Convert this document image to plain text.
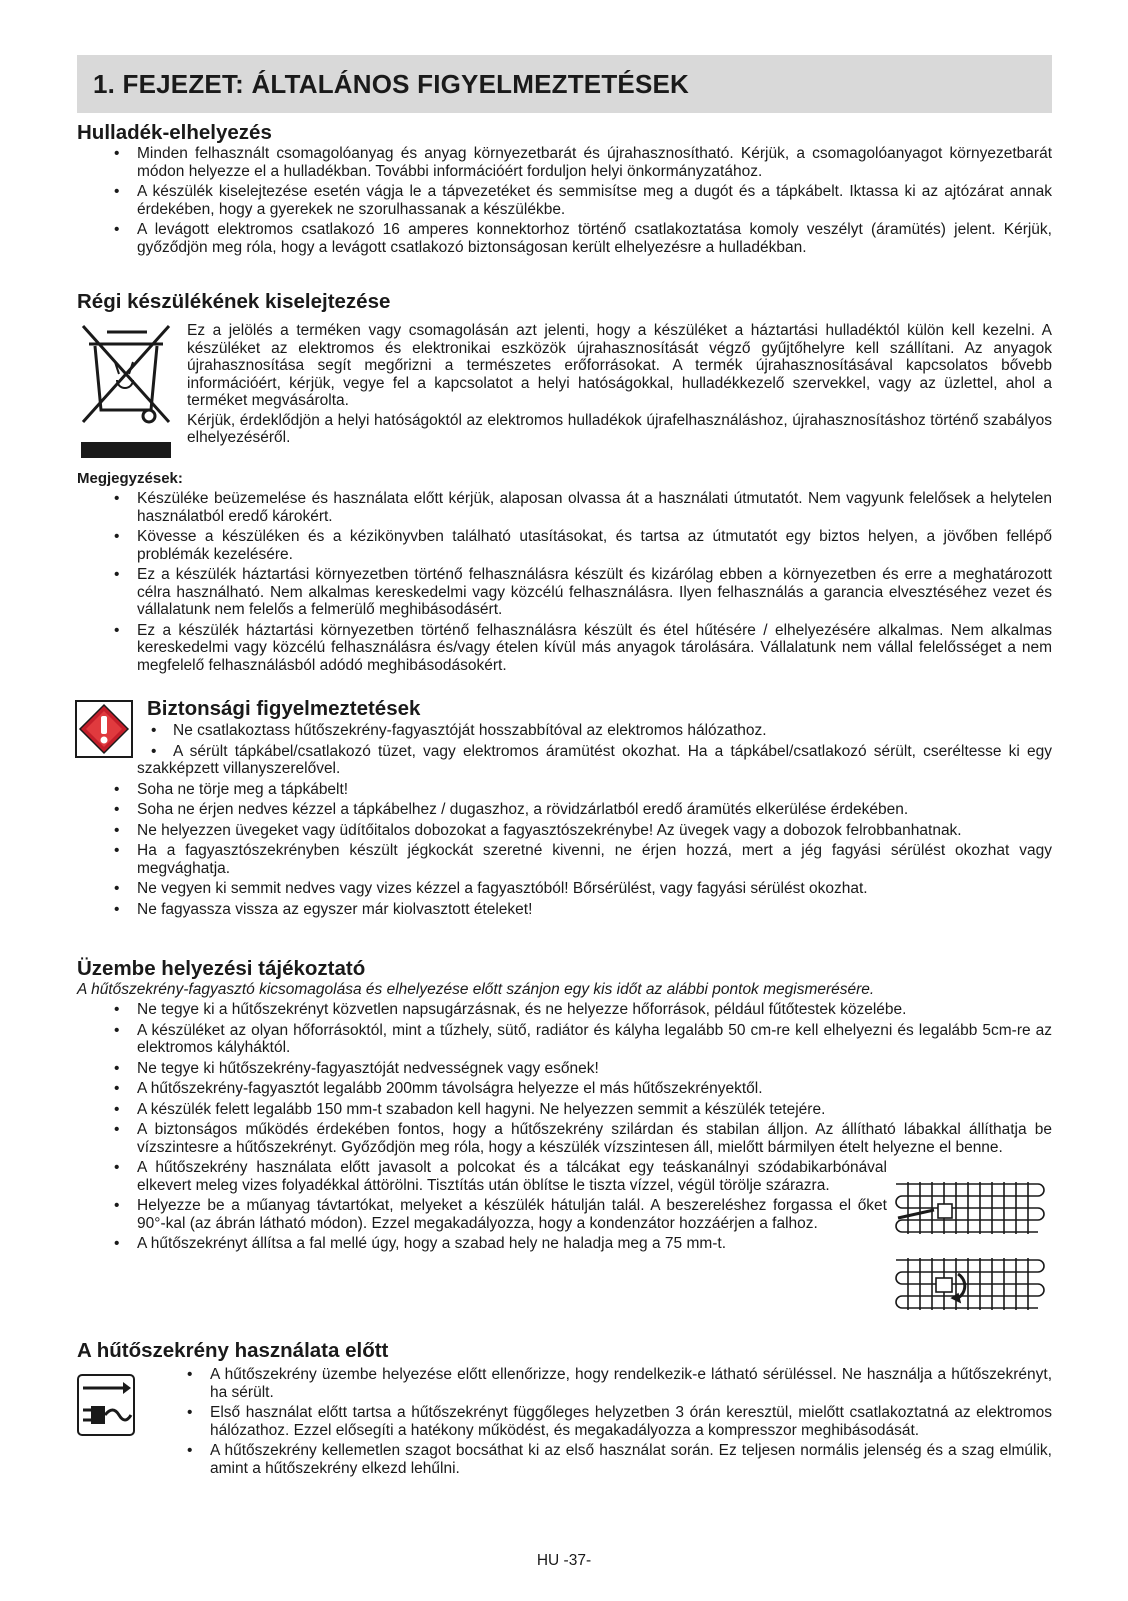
1. FEJEZET: ÁLTALÁNOS FIGYELMEZTETÉSEK
Hulladék-elhelyezés
• Minden felhasznált csomagolóanyag és anyag környezetbarát és újrahasznosítható. Kérjük, a csomagolóanyagot környezetbarát módon helyezze el a hulladékban. További információért forduljon helyi önkormányzatához.
• A készülék kiselejtezése esetén vágja le a tápvezetéket és semmisítse meg a dugót és a tápkábelt. Iktassa ki az ajtózárat annak érdekében, hogy a gyerekek ne szorulhassanak a készülékbe.
• A levágott elektromos csatlakozó 16 amperes konnektorhoz történő csatlakoztatása komoly veszélyt (áramütés) jelent. Kérjük, győződjön meg róla, hogy a levágott csatlakozó biztonságosan került elhelyezésre a hulladékban.
Régi készülékének kiselejtezése

Ez a jelölés a terméken vagy csomagolásán azt jelenti, hogy a készüléket a háztartási hulladéktól külön kell kezelni. A készüléket az elektromos és elektronikai eszközök újrahasznosítását végző gyűjtőhelyre kell szállítani. Az anyagok újrahasznosítása segít megőrizni a természetes erőforrásokat. A termék újrahasznosításával kapcsolatos bővebb információért, kérjük, vegye fel a kapcsolatot a helyi hatóságokkal, hulladékkezelő szervekkel, vagy az üzlettel, ahol a terméket megvásárolta.

Kérjük, érdeklődjön a helyi hatóságoktól az elektromos hulladékok újrafelhasználáshoz, újrahasznosításhoz történő szabályos elhelyezéséről.

Megjegyzések:
• Készüléke beüzemelése és használata előtt kérjük, alaposan olvassa át a használati útmutatót. Nem vagyunk felelősek a helytelen használatból eredő károkért.
• Kövesse a készüléken és a kézikönyvben található utasításokat, és tartsa az útmutatót egy biztos helyen, a jövőben fellépő problémák kezelésére.
• Ez a készülék háztartási környezetben történő felhasználásra készült és kizárólag ebben a környezetben és erre a meghatározott célra használható. Nem alkalmas kereskedelmi vagy közcélú felhasználásra. Ilyen felhasználás a garancia elvesztéséhez vezet és vállalatunk nem felelős a felmerülő meghibásodásért.
• Ez a készülék háztartási környezetben történő felhasználásra készült és étel hűtésére / elhelyezésére alkalmas. Nem alkalmas kereskedelmi vagy közcélú felhasználásra és/vagy ételen kívül más anyagok tárolására. Vállalatunk nem vállal felelősséget a nem megfelelő felhasználásból adódó meghibásodásokért.
Biztonsági figyelmeztetések
• Ne csatlakoztass hűtőszekrény-fagyasztóját hosszabbítóval az elektromos hálózathoz.
• A sérült tápkábel/csatlakozó tüzet, vagy elektromos áramütést okozhat. Ha a tápkábel/csatlakozó sérült, cseréltesse ki egy szakképzett villanyszerelővel.
• Soha ne törje meg a tápkábelt!
• Soha ne érjen nedves kézzel a tápkábelhez / dugaszhoz, a rövidzárlatból eredő áramütés elkerülése érdekében.
• Ne helyezzen üvegeket vagy üdítőitalos dobozokat a fagyasztószekrénybe! Az üvegek vagy a dobozok felrobbanhatnak.
• Ha a fagyasztószekrényben készült jégkockát szeretné kivenni, ne érjen hozzá, mert a jég fagyási sérülést okozhat vagy megvághatja.
• Ne vegyen ki semmit nedves vagy vizes kézzel a fagyasztóból! Bőrsérülést, vagy fagyási sérülést okozhat.
• Ne fagyassza vissza az egyszer már kiolvasztott ételeket!
Üzembe helyezési tájékoztató

A hűtőszekrény-fagyasztó kicsomagolása és elhelyezése előtt szánjon egy kis időt az alábbi pontok megismerésére.

• Ne tegye ki a hűtőszekrényt közvetlen napsugárzásnak, és ne helyezze hőforrások, például fűtőtestek közelébe.
• A készüléket az olyan hőforrásoktól, mint a tűzhely, sütő, radiátor és kályha legalább 50 cm-re kell elhelyezni és legalább 5cm-re az elektromos kályháktól.
• Ne tegye ki hűtőszekrény-fagyasztóját nedvességnek vagy esőnek!
• A hűtőszekrény-fagyasztót legalább 200mm távolságra helyezze el más hűtőszekrényektől.
• A készülék felett legalább 150 mm-t szabadon kell hagyni. Ne helyezzen semmit a készülék tetejére.
• A biztonságos működés érdekében fontos, hogy a hűtőszekrény szilárdan és stabilan álljon. Az állítható lábakkal állíthatja be vízszintesre a hűtőszekrényt. Győződjön meg róla, hogy a készülék vízszintesen áll, mielőtt bármilyen ételt helyezne el benne.
• A hűtőszekrény használata előtt javasolt a polcokat és a tálcákat egy teáskanálnyi szódabikarbónával elkevert meleg vizes folyadékkal áttörölni. Tisztítás után öblítse le tiszta vízzel, végül törölje szárazra.
• Helyezze be a műanyag távtartókat, melyeket a készülék hátulján talál. A beszereléshez forgassa el őket 90°-kal (az ábrán látható módon). Ezzel megakadályozza, hogy a kondenzátor hozzáérjen a falhoz.
• A hűtőszekrényt állítsa a fal mellé úgy, hogy a szabad hely ne haladja meg a 75 mm-t.
A hűtőszekrény használata előtt
• A hűtőszekrény üzembe helyezése előtt ellenőrizze, hogy rendelkezik-e látható sérüléssel. Ne használja a hűtőszekrényt, ha sérült.
• Első használat előtt tartsa a hűtőszekrényt függőleges helyzetben 3 órán keresztül, mielőtt csatlakoztatná az elektromos hálózathoz. Ezzel elősegíti a hatékony működést, és megakadályozza a kompresszor meghibásodását.
• A hűtőszekrény kellemetlen szagot bocsáthat ki az első használat során. Ez teljesen normális jelenség és a szag elmúlik, amint a hűtőszekrény elkezd lehűlni.
HU -37-
